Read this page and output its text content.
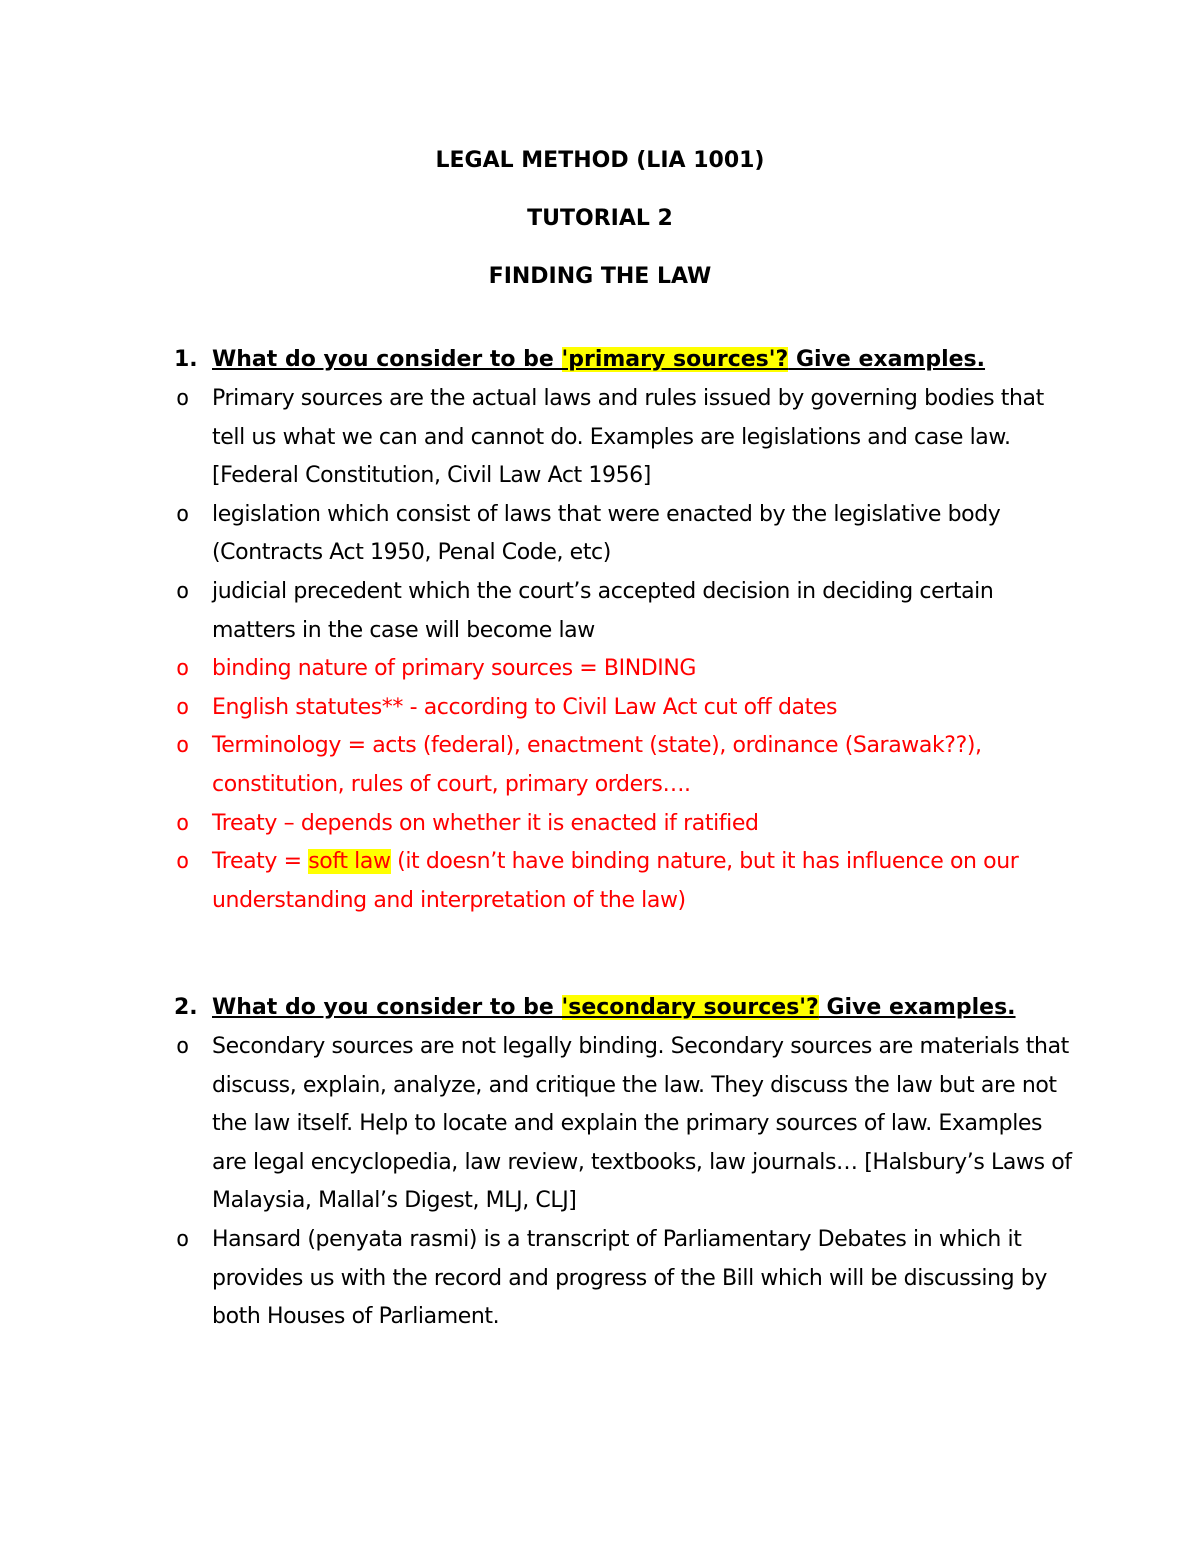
LEGAL METHOD (LIA 1001)

TUTORIAL 2

FINDING THE LAW

1. What do you consider to be 'primary sources'? Give examples.

o Primary sources are the actual laws and rules issued by governing bodies that tell us what we can and cannot do. Examples are legislations and case law. [Federal Constitution, Civil Law Act 1956]
o legislation which consist of laws that were enacted by the legislative body (Contracts Act 1950, Penal Code, etc)
o judicial precedent which the court’s accepted decision in deciding certain matters in the case will become law
o binding nature of primary sources = BINDING
o English statutes** - according to Civil Law Act cut off dates
o Terminology = acts (federal), enactment (state), ordinance (Sarawak??), constitution, rules of court, primary orders….
o Treaty – depends on whether it is enacted if ratified
o Treaty = soft law (it doesn’t have binding nature, but it has influence on our understanding and interpretation of the law)

2. What do you consider to be 'secondary sources'? Give examples.

o Secondary sources are not legally binding. Secondary sources are materials that discuss, explain, analyze, and critique the law. They discuss the law but are not the law itself. Help to locate and explain the primary sources of law. Examples are legal encyclopedia, law review, textbooks, law journals… [Halsbury’s Laws of Malaysia, Mallal’s Digest, MLJ, CLJ]
o Hansard (penyata rasmi) is a transcript of Parliamentary Debates in which it provides us with the record and progress of the Bill which will be discussing by both Houses of Parliament.
